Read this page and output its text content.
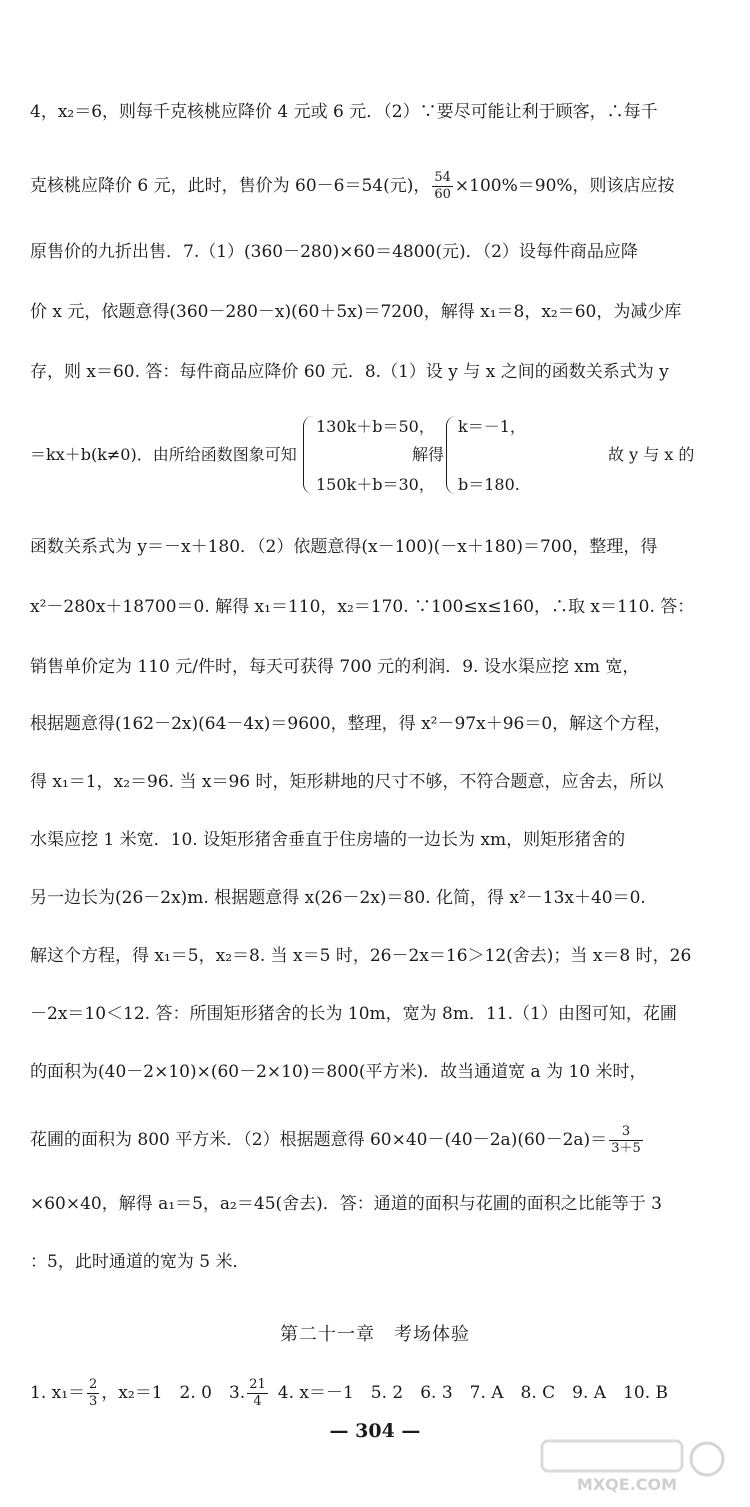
4，x₂＝6，则每千克核桃应降价 4 元或 6 元．（2）∵要尽可能让利于顾客，∴每千
克核桃应降价 6 元，此时，售价为 60－6＝54(元)， $\frac{54}{60} \times 100\%=90\%$，则该店应按
原售价的九折出售．7.（1）(360－280)×60＝4800(元)．（2）设每件商品应降
价 x 元，依题意得(360－280－x)(60＋5x)＝7200，解得 x₁＝8，x₂＝60，为减少库
存，则 x＝60. 答：每件商品应降价 60 元．8.（1）设 y 与 x 之间的函数关系式为 y
＝kx＋b(k≠0)．由所给函数图象可知
130k＋b＝50，
150k＋b＝30，
解得
k＝－1，
b＝180.
故 y 与 x 的
函数关系式为 y＝－x＋180．（2）依题意得(x－100)(－x＋180)＝700，整理，得
x²－280x＋18700＝0. 解得 x₁＝110，x₂＝170. ∵100≤x≤160，∴取 x＝110. 答：
销售单价定为 110 元/件时，每天可获得 700 元的利润．9. 设水渠应挖 xm 宽，
根据题意得(162－2x)(64－4x)＝9600，整理，得 x²－97x＋96＝0，解这个方程，
得 x₁＝1，x₂＝96. 当 x＝96 时，矩形耕地的尺寸不够，不符合题意，应舍去，所以
水渠应挖 1 米宽．10. 设矩形猪舍垂直于住房墙的一边长为 xm，则矩形猪舍的
另一边长为(26－2x)m. 根据题意得 x(26－2x)＝80. 化简，得 x²－13x＋40＝0.
解这个方程，得 x₁＝5，x₂＝8. 当 x＝5 时，26－2x＝16＞12(舍去)；当 x＝8 时，26
－2x＝10＜12. 答：所围矩形猪舍的长为 10m，宽为 8m．11.（1）由图可知，花圃
的面积为(40－2×10)×(60－2×10)＝800(平方米)．故当通道宽 a 为 10 米时，
花圃的面积为 800 平方米．（2）根据题意得 $60\times 40-(40-2a)(60-2a)= \frac{3}{3+5}$
×60×40，解得 a₁＝5，a₂＝45(舍去)．答：通道的面积与花圃的面积之比能等于 3
：5，此时通道的宽为 5 米．
第二十一章　考场体验
1. $x_1= \frac{2}{3}$ ，x₂＝1　2. 0　3. $\frac{21}{4} 4$. x＝－1　5. 2　6. 3　7. A　8. C　9. A　10. B
— 304 —
MXQE.COM
